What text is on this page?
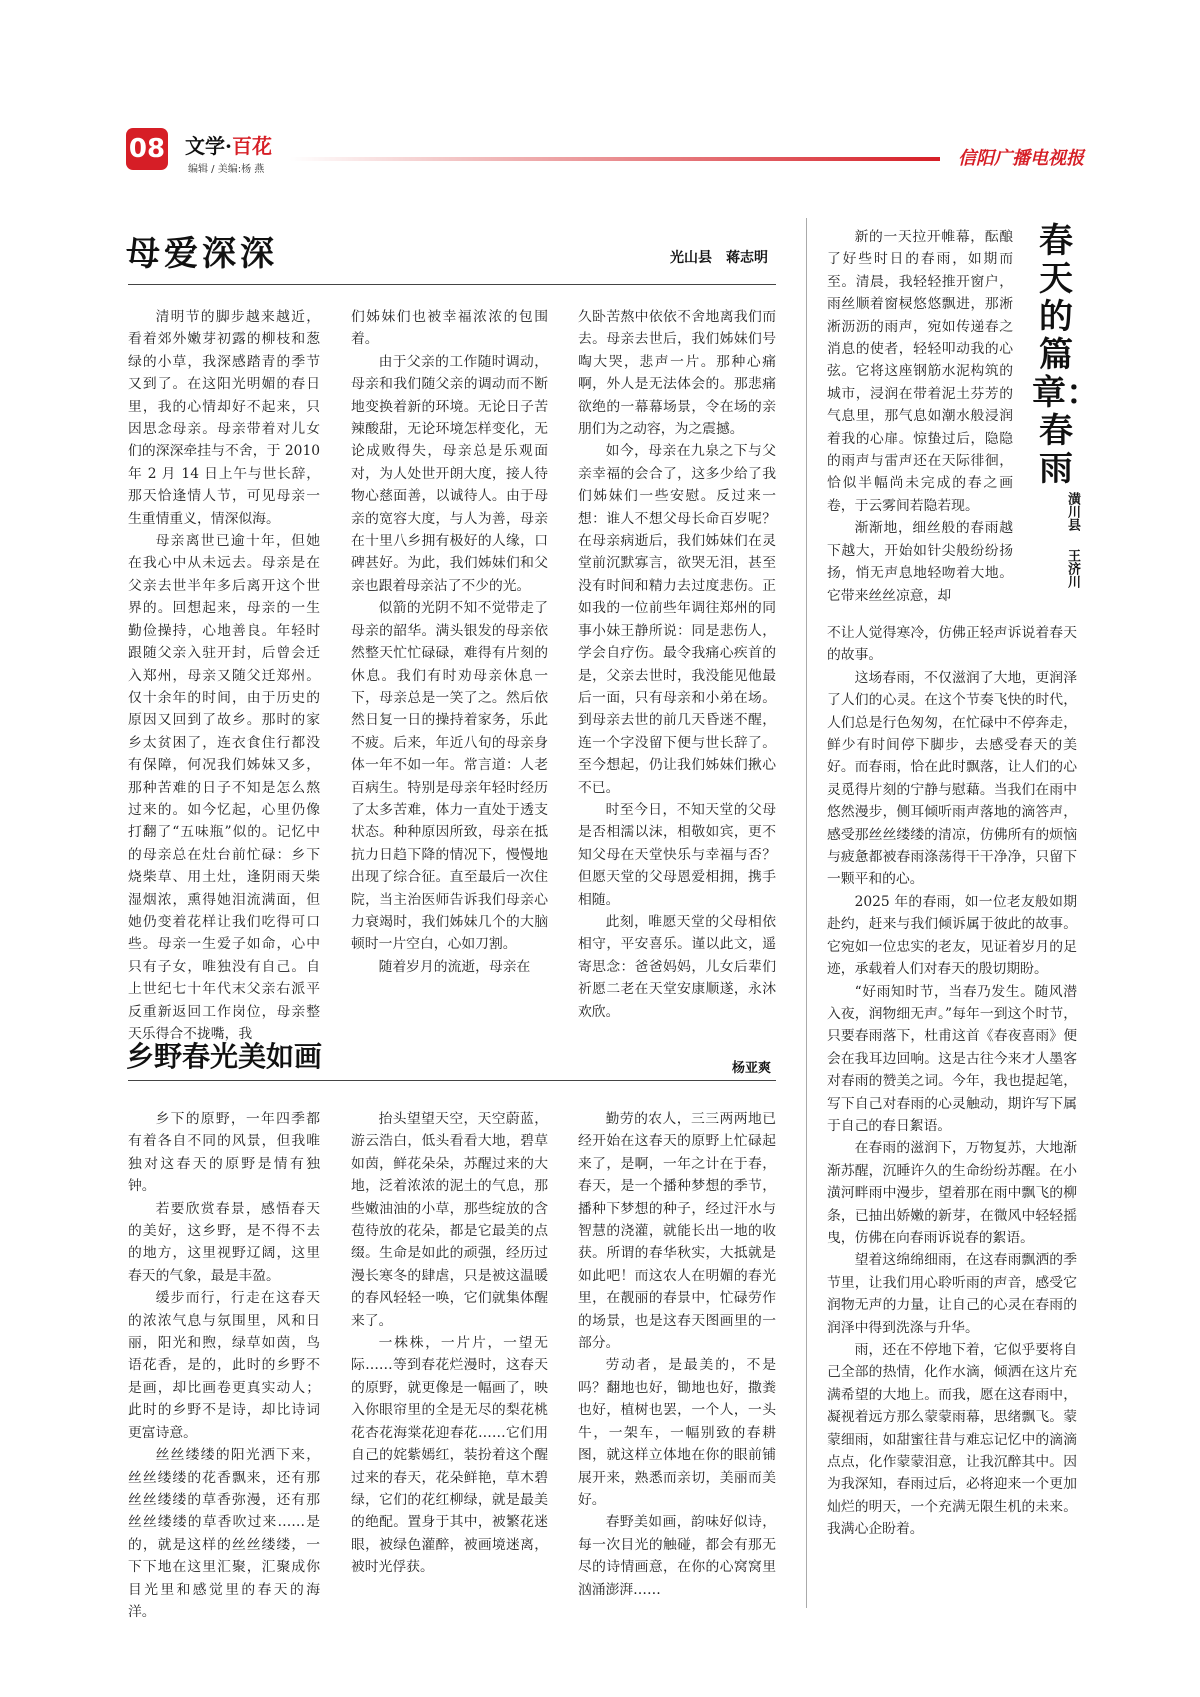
08 文学·百花
编辑 / 美编:杨 燕
信阳广播电视报
母爱深深	光山县　蒋志明

清明节的脚步越来越近，看着郊外嫩芽初露的柳枝和葱绿的小草，我深感踏青的季节又到了。在这阳光明媚的春日里，我的心情却好不起来，只因思念母亲。母亲带着对儿女们的深深牵挂与不舍，于 2010 年 2 月 14 日上午与世长辞，那天恰逢情人节，可见母亲一生重情重义，情深似海。

母亲离世已逾十年，但她在我心中从未远去。母亲是在父亲去世半年多后离开这个世界的。回想起来，母亲的一生勤俭操持，心地善良。年轻时跟随父亲入驻开封，后曾会迁入郑州，母亲又随父迁郑州。仅十余年的时间，由于历史的原因又回到了故乡。那时的家乡太贫困了，连衣食住行都没有保障，何况我们姊妹又多，那种苦难的日子不知是怎么熬过来的。如今忆起，心里仍像打翻了“五味瓶”似的。记忆中的母亲总在灶台前忙碌：乡下烧柴草、用土灶，逢阴雨天柴湿烟浓，熏得她泪流满面，但她仍变着花样让我们吃得可口些。母亲一生爱子如命，心中只有子女，唯独没有自己。自上世纪七十年代末父亲右派平反重新返回工作岗位，母亲整天乐得合不拢嘴，我

们姊妹们也被幸福浓浓的包围着。

由于父亲的工作随时调动，母亲和我们随父亲的调动而不断地变换着新的环境。无论日子苦辣酸甜，无论环境怎样变化，无论成败得失，母亲总是乐观面对，为人处世开朗大度，接人待物心慈面善，以诚待人。由于母亲的宽容大度，与人为善，母亲在十里八乡拥有极好的人缘，口碑甚好。为此，我们姊妹们和父亲也跟着母亲沾了不少的光。

似箭的光阴不知不觉带走了母亲的韶华。满头银发的母亲依然整天忙忙碌碌，难得有片刻的休息。我们有时劝母亲休息一下，母亲总是一笑了之。然后依然日复一日的操持着家务，乐此不疲。后来，年近八旬的母亲身体一年不如一年。常言道：人老百病生。特别是母亲年轻时经历了太多苦难，体力一直处于透支状态。种种原因所致，母亲在抵抗力日趋下降的情况下，慢慢地出现了综合征。直至最后一次住院，当主治医师告诉我们母亲心力衰竭时，我们姊妹几个的大脑顿时一片空白，心如刀割。

随着岁月的流逝，母亲在

久卧苦熬中依依不舍地离我们而去。母亲去世后，我们姊妹们号啕大哭，悲声一片。那种心痛啊，外人是无法体会的。那悲痛欲绝的一幕幕场景，令在场的亲朋们为之动容，为之震撼。

如今，母亲在九泉之下与父亲幸福的会合了，这多少给了我们姊妹们一些安慰。反过来一想：谁人不想父母长命百岁呢？在母亲病逝后，我们姊妹们在灵堂前沉默寡言，欲哭无泪，甚至没有时间和精力去过度悲伤。正如我的一位前些年调往郑州的同事小妹王静所说：同是悲伤人，学会自疗伤。最令我痛心疾首的是，父亲去世时，我没能见他最后一面，只有母亲和小弟在场。到母亲去世的前几天昏迷不醒，连一个字没留下便与世长辞了。至今想起，仍让我们姊妹们揪心不已。

时至今日，不知天堂的父母是否相濡以沫，相敬如宾，更不知父母在天堂快乐与幸福与否？但愿天堂的父母恩爱相拥，携手相随。

此刻，唯愿天堂的父母相依相守，平安喜乐。谨以此文，遥寄思念：爸爸妈妈，儿女后辈们祈愿二老在天堂安康顺遂，永沐欢欣。

乡野春光美如画	杨亚爽

乡下的原野，一年四季都有着各自不同的风景，但我唯独对这春天的原野是情有独钟。

若要欣赏春景，感悟春天的美好，这乡野，是不得不去的地方，这里视野辽阔，这里春天的气象，最是丰盈。

缓步而行，行走在这春天的浓浓气息与氛围里，风和日丽，阳光和煦，绿草如茵，鸟语花香，是的，此时的乡野不是画，却比画卷更真实动人；此时的乡野不是诗，却比诗词更富诗意。

丝丝缕缕的阳光洒下来，丝丝缕缕的花香飘来，还有那丝丝缕缕的草香弥漫，还有那丝丝缕缕的草香吹过来……是的，就是这样的丝丝缕缕，一下下地在这里汇聚，汇聚成你目光里和感觉里的春天的海洋。

抬头望望天空，天空蔚蓝，游云浩白，低头看看大地，碧草如茵，鲜花朵朵，苏醒过来的大地，泛着浓浓的泥土的气息，那些嫩油油的小草，那些绽放的含苞待放的花朵，都是它最美的点缀。生命是如此的顽强，经历过漫长寒冬的肆虐，只是被这温暖的春风轻轻一唤，它们就集体醒来了。

一株株，一片片，一望无际……等到春花烂漫时，这春天的原野，就更像是一幅画了，映入你眼帘里的全是无尽的梨花桃花杏花海棠花迎春花……它们用自己的姹紫嫣红，装扮着这个醒过来的春天，花朵鲜艳，草木碧绿，它们的花红柳绿，就是最美的绝配。置身于其中，被繁花迷眼，被绿色灌醉，被画境迷离，被时光俘获。

勤劳的农人，三三两两地已经开始在这春天的原野上忙碌起来了，是啊，一年之计在于春，春天，是一个播种梦想的季节，播种下梦想的种子，经过汗水与智慧的浇灌，就能长出一地的收获。所谓的春华秋实，大抵就是如此吧！而这农人在明媚的春光里，在靓丽的春景中，忙碌劳作的场景，也是这春天图画里的一部分。

劳动者，是最美的，不是吗？翻地也好，锄地也好，撒粪也好，植树也罢，一个人，一头牛，一架车，一幅别致的春耕图，就这样立体地在你的眼前铺展开来，熟悉而亲切，美丽而美好。

春野美如画，韵味好似诗，每一次目光的触碰，都会有那无尽的诗情画意，在你的心窝窝里汹涌澎湃……

春天的篇章：春雨
潢川县
王济川

新的一天拉开帷幕，酝酿了好些时日的春雨，如期而至。清晨，我轻轻推开窗户，雨丝顺着窗棂悠悠飘进，那淅淅沥沥的雨声，宛如传递春之消息的使者，轻轻叩动我的心弦。它将这座钢筋水泥构筑的城市，浸润在带着泥土芬芳的气息里，那气息如潮水般浸润着我的心扉。惊蛰过后，隐隐的雨声与雷声还在天际徘徊，恰似半幅尚未完成的春之画卷，于云雾间若隐若现。

渐渐地，细丝般的春雨越下越大，开始如针尖般纷纷扬扬，悄无声息地轻吻着大地。它带来丝丝凉意，却

不让人觉得寒冷，仿佛正轻声诉说着春天的故事。

这场春雨，不仅滋润了大地，更润泽了人们的心灵。在这个节奏飞快的时代，人们总是行色匆匆，在忙碌中不停奔走，鲜少有时间停下脚步，去感受春天的美好。而春雨，恰在此时飘落，让人们的心灵觅得片刻的宁静与慰藉。当我们在雨中悠然漫步，侧耳倾听雨声落地的滴答声，感受那丝丝缕缕的清凉，仿佛所有的烦恼与疲惫都被春雨涤荡得干干净净，只留下一颗平和的心。

2025 年的春雨，如一位老友般如期赴约，赶来与我们倾诉属于彼此的故事。它宛如一位忠实的老友，见证着岁月的足迹，承载着人们对春天的殷切期盼。

“好雨知时节，当春乃发生。随风潜入夜，润物细无声。”每年一到这个时节，只要春雨落下，杜甫这首《春夜喜雨》便会在我耳边回响。这是古往今来才人墨客对春雨的赞美之词。今年，我也提起笔，写下自己对春雨的心灵触动，期许写下属于自己的春日絮语。

在春雨的滋润下，万物复苏，大地渐渐苏醒，沉睡许久的生命纷纷苏醒。在小潢河畔雨中漫步，望着那在雨中飘飞的柳条，已抽出娇嫩的新芽，在微风中轻轻摇曳，仿佛在向春雨诉说春的絮语。

望着这绵绵细雨，在这春雨飘洒的季节里，让我们用心聆听雨的声音，感受它润物无声的力量，让自己的心灵在春雨的润泽中得到洗涤与升华。

雨，还在不停地下着，它似乎要将自己全部的热情，化作水滴，倾洒在这片充满希望的大地上。而我，愿在这春雨中，凝视着远方那么蒙蒙雨幕，思绪飘飞。蒙蒙细雨，如甜蜜往昔与难忘记忆中的滴滴点点，化作蒙蒙泪意，让我沉醉其中。因为我深知，春雨过后，必将迎来一个更加灿烂的明天，一个充满无限生机的未来。我满心企盼着。
